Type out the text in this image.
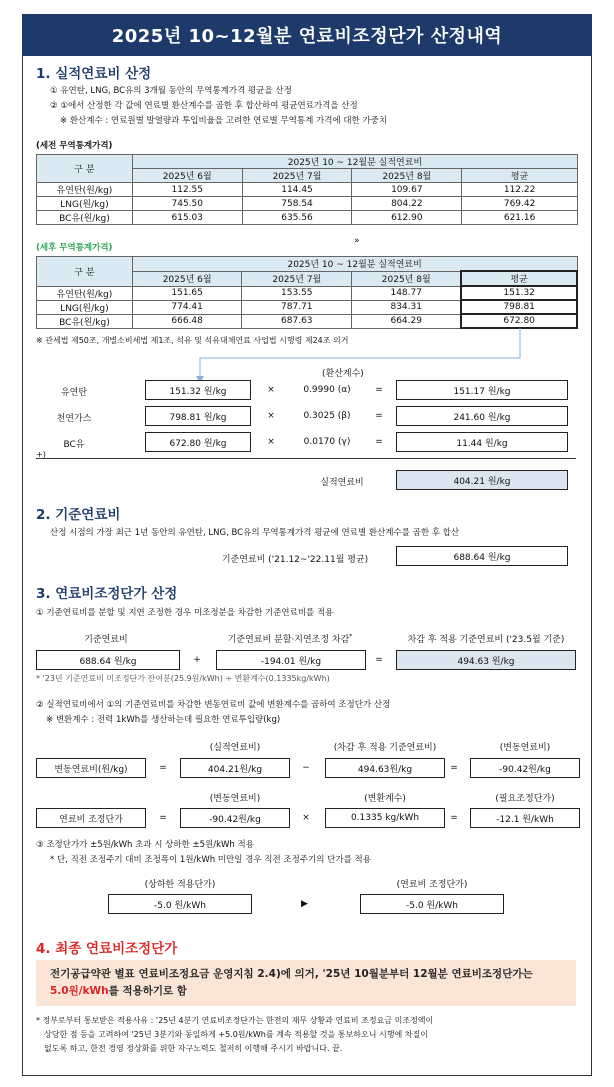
2025년 10~12월분 연료비조정단가 산정내역
1. 실적연료비 산정
① 유연탄, LNG, BC유의 3개월 동안의 무역통계가격 평균을 산정
② ①에서 산정한 각 값에 연료별 환산계수를 곱한 후 합산하여 평균연료가격을 산정
※ 환산계수 : 연료원별 발열량과 투입비율을 고려한 연료별 무역통계 가격에 대한 가중치
(세전 무역통계가격)
구 분	2025년 10 ~ 12월분 실적연료비			
	2025년 6월	2025년 7월	2025년 8월	평균
유연탄(원/kg)	112.55	114.45	109.67	112.22
LNG(원/kg)	745.50	758.54	804.22	769.42
BC유(원/kg)	615.03	635.56	612.90	621.16
»
(세후 무역통계가격)
구 분	2025년 10 ~ 12월분 실적연료비			
	2025년 6월	2025년 7월	2025년 8월	평균
유연탄(원/kg)	151.65	153.55	148.77	151.32
LNG(원/kg)	774.41	787.71	834.31	798.81
BC유(원/kg)	666.48	687.63	664.29	672.80
※ 관세법 제50조, 개별소비세법 제1조, 석유 및 석유대체연료 사업법 시행령 제24조 의거
(환산계수)
유연탄	151.32 원/kg	×	0.9990 (α)	=	151.17 원/kg
천연가스	798.81 원/kg	×	0.3025 (β)	=	241.60 원/kg
BC유	672.80 원/kg	×	0.0170 (γ)	=	11.44 원/kg
+)
실적연료비	404.21 원/kg
2. 기준연료비
산정 시점의 가장 최근 1년 동안의 유연탄, LNG, BC유의 무역통계가격 평균에 연료별 환산계수를 곱한 후 합산
기준연료비 ('21.12~'22.11월 평균)	688.64 원/kg
3. 연료비조정단가 산정
① 기준연료비를 분할 및 지연 조정한 경우 미조정분을 차감한 기준연료비를 적용
기준연료비	기준연료비 분할·지연조정 차감*	차감 후 적용 기준연료비 ('23.5월 기준)
688.64 원/kg	+	-194.01 원/kg	=	494.63 원/kg
* '23년 기준연료비 미조정단가 잔여분(25.9원/kWh) ÷ 변환계수(0.1335kg/kWh)
② 실적연료비에서 ①의 기준연료비를 차감한 변동연료비 값에 변환계수를 곱하여 조정단가 산정
※ 변환계수 : 전력 1kWh를 생산하는데 필요한 연료투입량(kg)
(실적연료비)	(차감 후 적용 기준연료비)	(변동연료비)
변동연료비(원/kg)	=	404.21원/kg	−	494.63원/kg	=	-90.42원/kg
(변동연료비)	(변환계수)	(필요조정단가)
연료비 조정단가	=	-90.42원/kg	×	0.1335 kg/kWh	=	-12.1 원/kWh
③ 조정단가가 ±5원/kWh 초과 시 상하한 ±5원/kWh 적용
* 단, 직전 조정주기 대비 조정폭이 1원/kWh 미만일 경우 직전 조정주기의 단가를 적용
(상하한 적용단가)	(연료비 조정단가)
-5.0 원/kWh	▶	-5.0 원/kWh
4. 최종 연료비조정단가
전기공급약관 별표 연료비조정요금 운영지침 2.4)에 의거, '25년 10월분부터 12월분 연료비조정단가는
5.0원/kWh를 적용하기로 함
* 정부로부터 통보받은 적용사유 : '25년 4분기 연료비조정단가는 한전의 재무 상황과 연료비 조정요금 미조정액이
상당한 점 등을 고려하여 '25년 3분기와 동일하게 +5.0원/kWh를 계속 적용할 것을 통보하오니 시행에 차질이
없도록 하고, 한전 경영 정상화를 위한 자구노력도 철저히 이행해 주시기 바랍니다. 끝.
